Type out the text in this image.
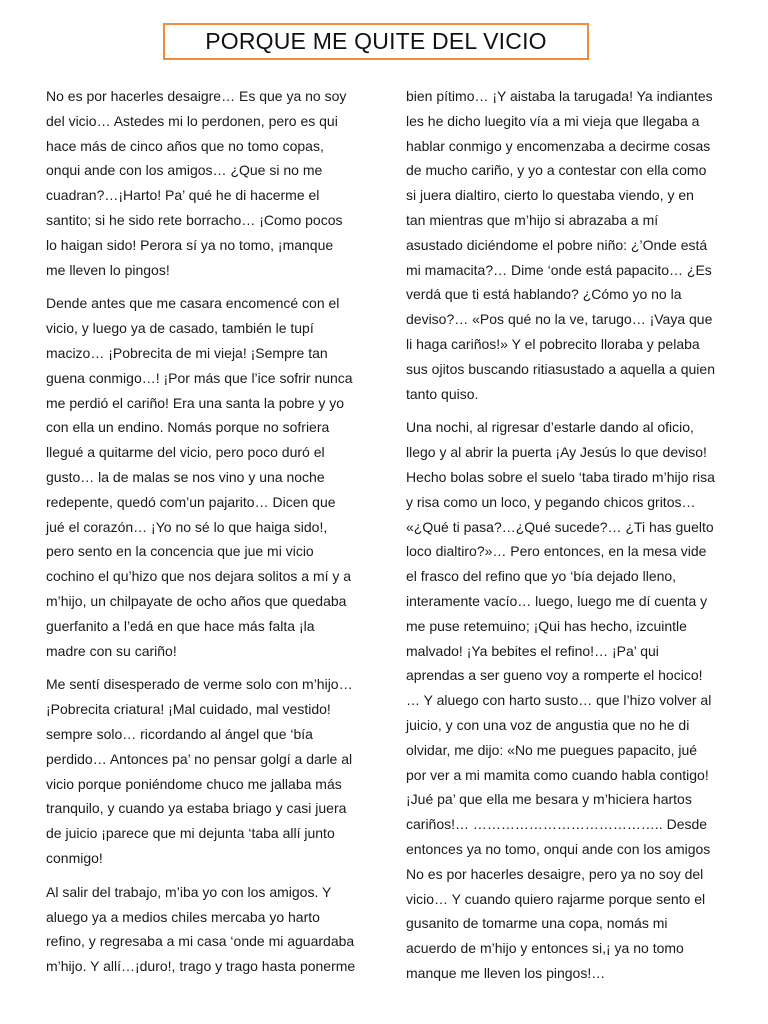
PORQUE ME QUITE DEL VICIO
No es por hacerles desaigre… Es que ya no soy
del vicio… Astedes mi lo perdonen, pero es qui
hace más de cinco años que no tomo copas,
onqui ande con los amigos… ¿Que si no me
cuadran?…¡Harto! Pa’ qué he di hacerme el
santito; si he sido rete borracho… ¡Como pocos
lo haigan sido! Perora sí ya no tomo, ¡manque
me lleven lo pingos!
Dende antes que me casara encomencé con el
vicio, y luego ya de casado, también le tupí
macizo… ¡Pobrecita de mi vieja! ¡Sempre tan
guena conmigo…! ¡Por más que l’ice sofrir nunca
me perdió el cariño! Era una santa la pobre y yo
con ella un endino. Nomás porque no sofriera
llegué a quitarme del vicio, pero poco duró el
gusto… la de malas se nos vino y una noche
redepente, quedó com’un pajarito… Dicen que
jué el corazón… ¡Yo no sé lo que haiga sido!,
pero sento en la concencia que jue mi vicio
cochino el qu’hizo que nos dejara solitos a mí y a
m’hijo, un chilpayate de ocho años que quedaba
guerfanito a l’edá en que hace más falta ¡la
madre con su cariño!
Me sentí disesperado de verme solo con m’hijo…
¡Pobrecita criatura! ¡Mal cuidado, mal vestido!
sempre solo… ricordando al ángel que ‘bía
perdido… Antonces pa’ no pensar golgí a darle al
vicio porque poniéndome chuco me jallaba más
tranquilo, y cuando ya estaba briago y casi juera
de juicio ¡parece que mi dejunta ‘taba allí junto
conmigo!
Al salir del trabajo, m’iba yo con los amigos. Y
aluego ya a medios chiles mercaba yo harto
refino, y regresaba a mi casa ‘onde mi aguardaba
m’hijo. Y allí…¡duro!, trago y trago hasta ponerme
bien pítimo… ¡Y aistaba la tarugada! Ya indiantes
les he dicho luegito vía a mi vieja que llegaba a
hablar conmigo y encomenzaba a decirme cosas
de mucho cariño, y yo a contestar con ella como
si juera dialtiro, cierto lo questaba viendo, y en
tan mientras que m’hijo si abrazaba a mí
asustado diciéndome el pobre niño: ¿’Onde está
mi mamacita?… Dime ‘onde está papacito… ¿Es
verdá que ti está hablando? ¿Cómo yo no la
deviso?… «Pos qué no la ve, tarugo… ¡Vaya que
li haga cariños!» Y el pobrecito lloraba y pelaba
sus ojitos buscando ritiasustado a aquella a quien
tanto quiso.
Una nochi, al rigresar d’estarle dando al oficio,
llego y al abrir la puerta ¡Ay Jesús lo que deviso!
Hecho bolas sobre el suelo ‘taba tirado m’hijo risa
y risa como un loco, y pegando chicos gritos…
«¿Qué ti pasa?…¿Qué sucede?… ¿Ti has guelto
loco dialtiro?»… Pero entonces, en la mesa vide
el frasco del refino que yo ‘bía dejado lleno,
interamente vacío… luego, luego me dí cuenta y
me puse retemuino; ¡Qui has hecho, izcuintle
malvado! ¡Ya bebites el refino!… ¡Pa’ qui
aprendas a ser gueno voy a romperte el hocico!
… Y aluego con harto susto… que l’hizo volver al
juicio, y con una voz de angustia que no he di
olvidar, me dijo: «No me puegues papacito, jué
por ver a mi mamita como cuando habla contigo!
¡Jué pa’ que ella me besara y m’hiciera hartos
cariños!… ………………………………….. Desde
entonces ya no tomo, onqui ande con los amigos
No es por hacerles desaigre, pero ya no soy del
vicio… Y cuando quiero rajarme porque sento el
gusanito de tomarme una copa, nomás mi
acuerdo de m’hijo y entonces si,¡ ya no tomo
manque me lleven los pingos!…
